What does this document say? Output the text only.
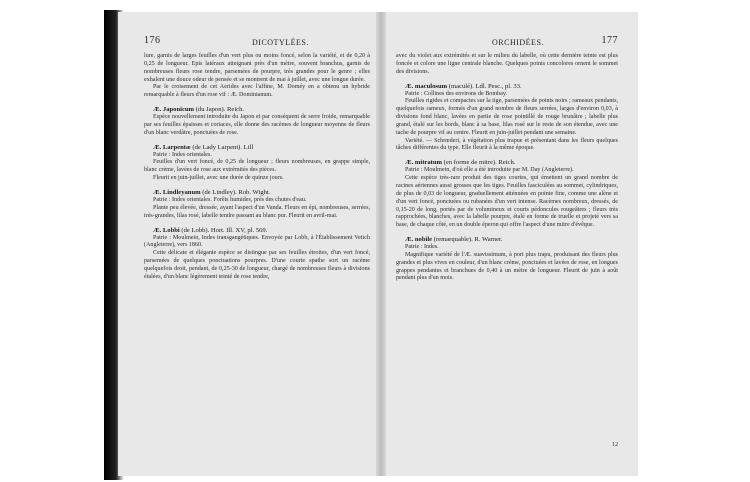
176	DICOTYLÉES.

lure, garnis de larges feuilles d'un vert plus ou moins foncé, selon la variété, et de 0,20 à 0,25 de longueur. Epis latéraux atteignant près d'un mètre, souvent branchus, garnis de nombreuses fleurs rose tendre, parsemées de pourpre, très grandes pour le genre ; elles exhalent une douce odeur de pensée et se montrent de mai à juillet, avec une longue durée.

Par le croisement de cet Aerides avec l'affine, M. Doméy en a obtenu un hybride remarquable à fleurs d'un rose vif : Æ. Dominianum.

Æ. Japonicum (du Japon). Reich.

Espèce nouvellement introduite du Japon et par conséquent de serre froide, remarquable par ses feuilles épaisses et coriaces, elle donne des racèmes de longueur moyenne de fleurs d'un blanc verdâtre, ponctuées de rose.

Æ. Larpentæ (de Lady Larpent). Lill

Patrie : Indes orientales.

Feuilles d'un vert foncé, de 0,25 de longueur ; fleurs nombreuses, en grappe simple, blanc crème, lavées de rose aux extrémités des pièces.

Fleurit en juin-juillet, avec une durée de quinze jours.

Æ. Lindleyanum (de Lindley). Rob. Wight.

Patrie : Indes orientales. Forêts humides, près des chutes d'eau.

Plante peu élevée, dressée, ayant l'aspect d'un Vanda. Fleurs en épi, nombreuses, serrées, très-grandes, lilas rosé, labelle tendre passant au blanc pur. Fleurit en avril-mai.

Æ. Lobbi (de Lobb). Hort. Ill. XV, pl. 569.

Patrie : Moulmein, Indes transgangétiques. Envoyée par Lobb, à l'Établissement Veitch (Angleterre), vers 1860.

Cette délicate et élégante espèce se distingue par ses feuilles étroites, d'un vert foncé, parsemées de quelques ponctuations pourpres. D'une courte spathe sort un racème quelquefois droit, pendant, de 0,25-30 de longueur, chargé de nombreuses fleurs à divisions étalées, d'un blanc légèrement teinté de rose tendre,

ORCHIDÉES.	177

avec du violet aux extrémités et sur le milieu du labelle, où cette dernière teinte est plus foncée et colore une ligne centrale blanche. Quelques points concolores ornent le sommet des divisions.

Æ. maculosum (maculé). Ldl. Pesc., pl. 33.

Patrie : Collines des environs de Bombay.

Feuilles rigides et compactes sur la tige, parsemées de points noirs ; rameaux pendants, quelquefois rameux, formés d'un grand nombre de fleurs serrées, larges d'environ 0,03, à divisions fond blanc, lavées en partie de rose pointillé de rouge brunâtre ; labelle plus grand, étalé sur les bords, blanc à sa base, lilas rosé sur le reste de son étendue, avec une tache de pourpre vif au centre. Fleurit en juin-juillet pendant une semaine.

Variété. — Schrœderi, à végétation plus trapue et présentant dans les fleurs quelques tâches différentes du type. Elle fleurit à la même époque.

Æ. mitratum (en forme de mitre). Reich.

Patrie : Moulmein, d'où elle a été introduite par M. Day (Angleterre).

Cette espèce très-rare produit des tiges courtes, qui émettent un grand nombre de racines aériennes aussi grosses que les tiges. Feuilles fasciculées au sommet, cylindriques, de plus de 0,03 de longueur, graduellement atténuées en pointe fine, comme une alène et d'un vert foncé, ponctuées ou rubanées d'un vert intense. Racèmes nombreux, dressés, de 0,15-20 de long, portés par de volumineux et courts pédoncules rougeâtres ; fleurs très rapprochées, blanches, avec la labelle pourpre, étalé en forme de truelle et projeté vers sa base, de chaque côté, en un double éperon qui offre l'aspect d'une mitre d'évêque.

Æ. nobile (remarquable). R. Warner.

Patrie : Indes.

Magnifique variété de l'Æ. suavissimum, à port plus trapu, produisant des fleurs plus grandes et plus vives en couleur, d'un blanc crème, ponctuées et lavées de rose, en longues grappes pendantes et branchues de 0,40 à un mètre de longueur. Fleurit de juin à août pendant plus d'un mois.

12
